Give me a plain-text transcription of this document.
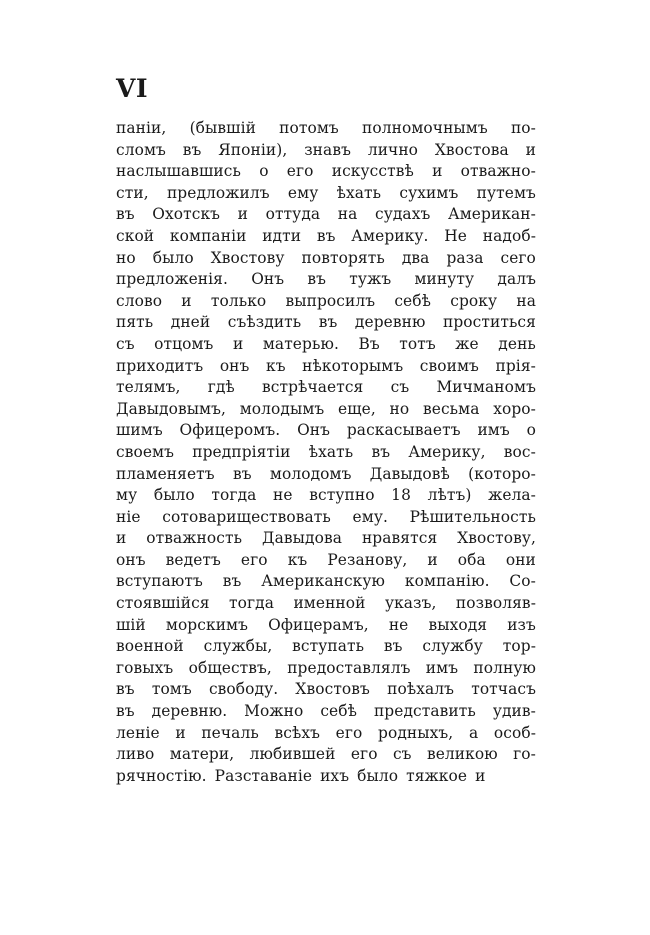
VI
паніи, (бывшій потомъ полномочнымъ по-
сломъ въ Японіи), знавъ лично Хвостова и
наслышавшись о его искусствѣ и отважно-
сти, предложилъ ему ѣхать сухимъ путемъ
въ Охотскъ и оттуда на судахъ Американ-
ской компаніи идти въ Америку. Не надоб-
но было Хвостову повторять два раза сего
предложенія. Онъ въ тужъ минуту далъ
слово и только выпросилъ себѣ сроку на
пять дней съѣздить въ деревню проститься
съ отцомъ и матерью. Въ тотъ же день
приходитъ онъ къ нѣкоторымъ своимъ прія-
телямъ, гдѣ встрѣчается съ Мичманомъ
Давыдовымъ, молодымъ еще, но весьма хоро-
шимъ Офицеромъ. Онъ раскасываетъ имъ о
своемъ предпріятіи ѣхать въ Америку, вос-
пламеняетъ въ молодомъ Давыдовѣ (которо-
му было тогда не вступно 18 лѣтъ) жела-
ніе сотовариществовать ему. Рѣшительность
и отважность Давыдова нравятся Хвостову,
онъ ведетъ его къ Резанову, и оба они
вступаютъ въ Американскую компанію. Со-
стоявшійся тогда именной указъ, позволяв-
шій морскимъ Офицерамъ, не выходя изъ
военной службы, вступать въ службу тор-
говыхъ обществъ, предоставлялъ имъ полную
въ томъ свободу. Хвостовъ поѣхалъ тотчасъ
въ деревню. Можно себѣ представить удив-
леніе и печаль всѣхъ его родныхъ, а особ-
ливо матери, любившей его съ великою го-
рячностію. Разставаніе ихъ было тяжкое и
